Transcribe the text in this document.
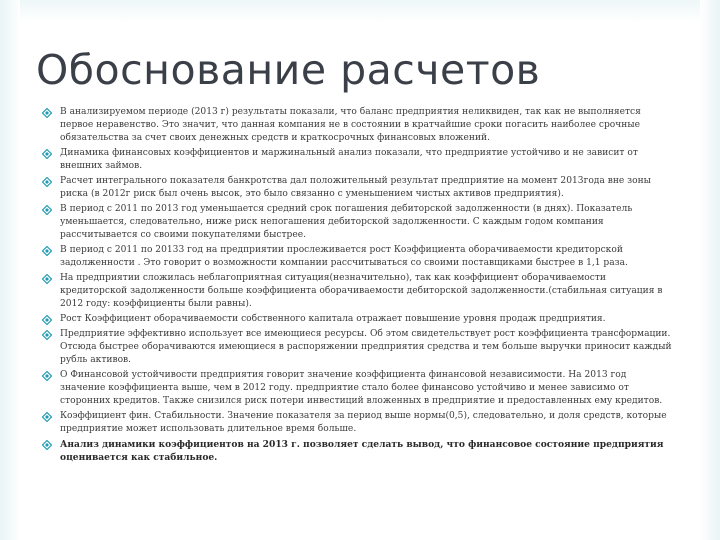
Обоснование расчетов
В анализируемом периоде (2013 г) результаты показали, что баланс предприятия неликвиден, так как не выполняется первое неравенство. Это значит, что данная компания не в состоянии в кратчайшие сроки погасить наиболее срочные обязательства за счет своих денежных средств и краткосрочных финансовых вложений.
Динамика финансовых коэффициентов и маржинальный анализ показали, что предприятие устойчиво и не зависит от внешних займов.
Расчет интегрального показателя банкротства дал положительный результат предприятие на момент 2013года вне зоны риска (в 2012г риск был очень высок, это было связанно с уменьшением чистых активов предприятия).
В период с 2011 по 2013 год уменьшается средний срок погашения дебиторской задолженности (в днях). Показатель уменьшается, следовательно, ниже риск непогашения дебиторской задолженности. С каждым годом компания рассчитывается со своими покупателями быстрее.
В период с 2011 по 20133 год на предприятии прослеживается рост Коэффициента оборачиваемости кредиторской задолженности . Это говорит о возможности компании рассчитываться со своими поставщиками быстрее в 1,1 раза.
На предприятии сложилась неблагоприятная ситуация(незначительно), так как коэффициент оборачиваемости кредиторской задолженности больше коэффициента оборачиваемости дебиторской задолженности.(стабильная ситуация в 2012 году: коэффициенты были равны).
Рост Коэффициент оборачиваемости собственного капитала отражает повышение уровня продаж предприятия.
Предприятие эффективно использует все имеющиеся ресурсы. Об этом свидетельствует рост коэффициента трансформации. Отсюда быстрее оборачиваются имеющиеся в распоряжении предприятия средства и тем больше выручки приносит каждый рубль активов.
О Финансовой устойчивости предприятия говорит значение коэффициента финансовой независимости. На 2013 год значение коэффициента выше, чем в 2012 году. предприятие стало более финансово устойчиво и менее зависимо от сторонних кредитов. Также снизился риск потери инвестиций вложенных в предприятие и предоставленных ему кредитов.
Коэффициент фин. Стабильности. Значение показателя за период выше нормы(0,5), следовательно, и доля средств, которые предприятие может использовать длительное время больше.
Анализ динамики коэффициентов на 2013 г. позволяет сделать вывод, что финансовое состояние предприятия оценивается как стабильное.
